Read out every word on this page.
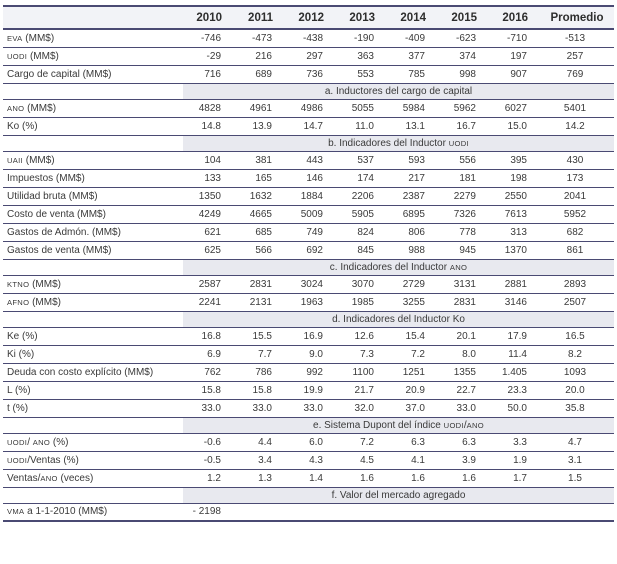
	2010	2011	2012	2013	2014	2015	2016	Promedio
EVA (MM$)	-746	-473	-438	-190	-409	-623	-710	-513
UODI (MM$)	-29	216	297	363	377	374	197	257
Cargo de capital (MM$)	716	689	736	553	785	998	907	769
	a. Inductores del cargo de capital							
ANO (MM$)	4828	4961	4986	5055	5984	5962	6027	5401
Ko (%)	14.8	13.9	14.7	11.0	13.1	16.7	15.0	14.2
	b. Indicadores del Inductor UODI							
UAII (MM$)	104	381	443	537	593	556	395	430
Impuestos (MM$)	133	165	146	174	217	181	198	173
Utilidad bruta (MM$)	1350	1632	1884	2206	2387	2279	2550	2041
Costo de venta (MM$)	4249	4665	5009	5905	6895	7326	7613	5952
Gastos de Admón. (MM$)	621	685	749	824	806	778	313	682
Gastos de venta (MM$)	625	566	692	845	988	945	1370	861
	c. Indicadores del Inductor ANO							
KTNO (MM$)	2587	2831	3024	3070	2729	3131	2881	2893
AFNO (MM$)	2241	2131	1963	1985	3255	2831	3146	2507
	d. Indicadores del Inductor Ko							
Ke (%)	16.8	15.5	16.9	12.6	15.4	20.1	17.9	16.5
Ki (%)	6.9	7.7	9.0	7.3	7.2	8.0	11.4	8.2
Deuda con costo explícito (MM$)	762	786	992	1100	1251	1355	1.405	1093
L (%)	15.8	15.8	19.9	21.7	20.9	22.7	23.3	20.0
t (%)	33.0	33.0	33.0	32.0	37.0	33.0	50.0	35.8
	e. Sistema Dupont del índice UODI/ANO							
UODI/ ANO (%)	-0.6	4.4	6.0	7.2	6.3	6.3	3.3	4.7
UODI/Ventas (%)	-0.5	3.4	4.3	4.5	4.1	3.9	1.9	3.1
Ventas/ANO (veces)	1.2	1.3	1.4	1.6	1.6	1.6	1.7	1.5
	f. Valor del mercado agregado							
VMA a 1-1-2010 (MM$)	- 2198							
